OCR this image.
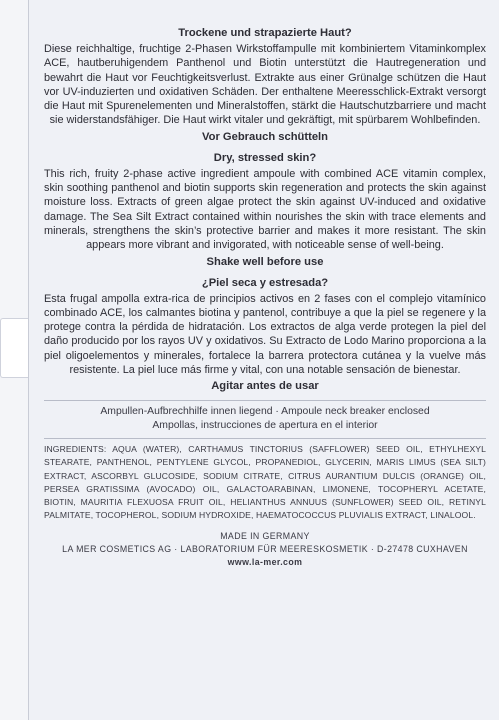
Trockene und strapazierte Haut?
Diese reichhaltige, fruchtige 2-Phasen Wirkstoffampulle mit kombiniertem Vitaminkomplex ACE, hautberuhigendem Panthenol und Biotin unterstützt die Hautregeneration und bewahrt die Haut vor Feuchtigkeitsverlust. Extrakte aus einer Grünalge schützen die Haut vor UV-induzierten und oxidativen Schäden. Der enthaltene Meeresschlick-Extrakt versorgt die Haut mit Spurenelementen und Mineralstoffen, stärkt die Hautschutzbarriere und macht sie widerstandsfähiger. Die Haut wirkt vitaler und gekräftigt, mit spürbarem Wohlbefinden.
Vor Gebrauch schütteln
Dry, stressed skin?
This rich, fruity 2-phase active ingredient ampoule with combined ACE vitamin complex, skin soothing panthenol and biotin supports skin regeneration and protects the skin against moisture loss. Extracts of green algae protect the skin against UV-induced and oxidative damage. The Sea Silt Extract contained within nourishes the skin with trace elements and minerals, strengthens the skin’s protective barrier and makes it more resistant. The skin appears more vibrant and invigorated, with noticeable sense of well-being.
Shake well before use
¿Piel seca y estresada?
Esta frugal ampolla extra-rica de principios activos en 2 fases con el complejo vitamínico combinado ACE, los calmantes biotina y pantenol, contribuye a que la piel se regenere y la protege contra la pérdida de hidratación. Los extractos de alga verde protegen la piel del daño producido por los rayos UV y oxidativos. Su Extracto de Lodo Marino proporciona a la piel oligoelementos y minerales, fortalece la barrera protectora cutánea y la vuelve más resistente. La piel luce más firme y vital, con una notable sensación de bienestar.
Agitar antes de usar
Ampullen-Aufbrechhilfe innen liegend · Ampoule neck breaker enclosed
Ampollas, instrucciones de apertura en el interior
INGREDIENTS: AQUA (WATER), CARTHAMUS TINCTORIUS (SAFFLOWER) SEED OIL, ETHYLHEXYL STEARATE, PANTHENOL, PENTYLENE GLYCOL, PROPANEDIOL, GLYCERIN, MARIS LIMUS (SEA SILT) EXTRACT, ASCORBYL GLUCOSIDE, SODIUM CITRATE, CITRUS AURANTIUM DULCIS (ORANGE) OIL, PERSEA GRATISSIMA (AVOCADO) OIL, GALACTOARABINAN, LIMONENE, TOCOPHERYL ACETATE, BIOTIN, MAURITIA FLEXUOSA FRUIT OIL, HELIANTHUS ANNUUS (SUNFLOWER) SEED OIL, RETINYL PALMITATE, TOCOPHEROL, SODIUM HYDROXIDE, HAEMATOCOCCUS PLUVIALIS EXTRACT, LINALOOL.
MADE IN GERMANY
LA MER COSMETICS AG · LABORATORIUM FÜR MEERESKOSMETIK · D-27478 CUXHAVEN
www.la-mer.com
